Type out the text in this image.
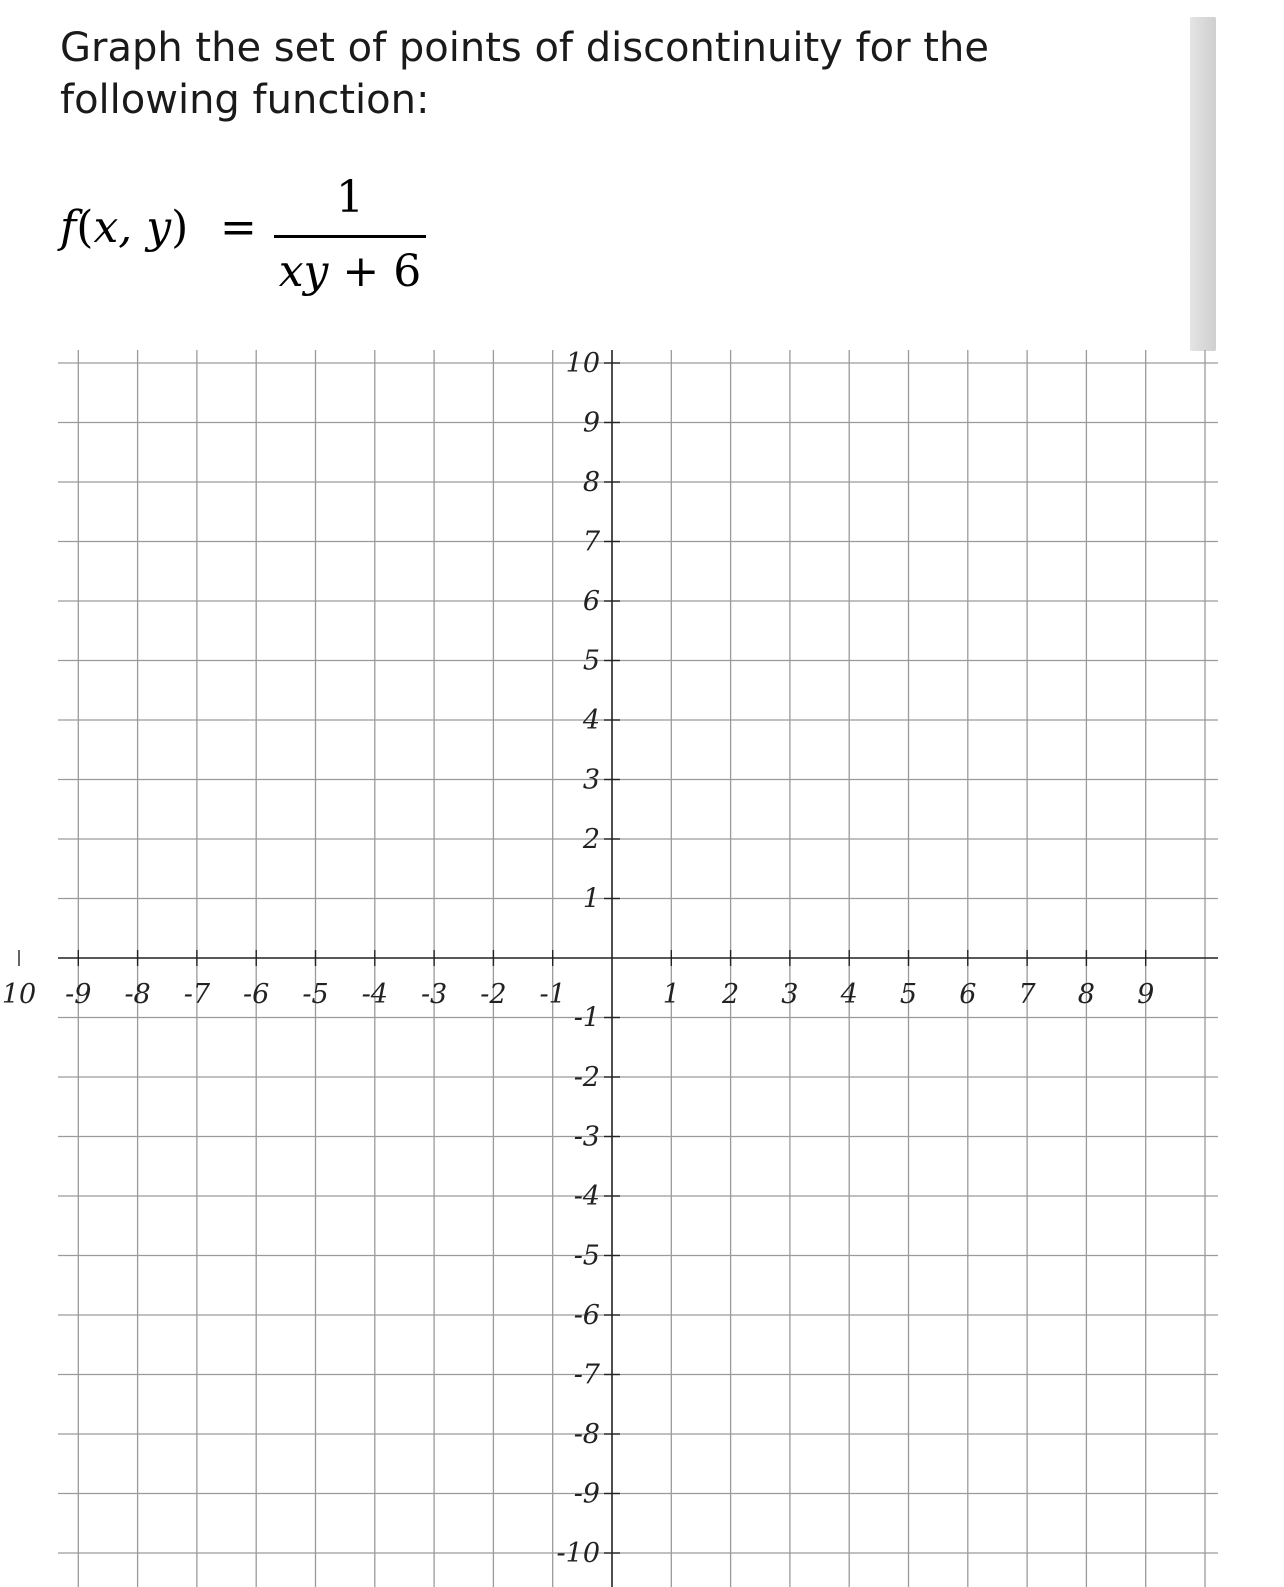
Graph the set of points of discontinuity for the following function:

f(x, y) =
1
xy + 6
10 -9 -8 -7 -6 -5 -4 -3 -2 -1	1 2 3 4 5 6 7 8 9
10
9
8
7
6
5
4
3
2
1
-1
-2
-3
-4
-5
-6
-7
-8
-9
-10
